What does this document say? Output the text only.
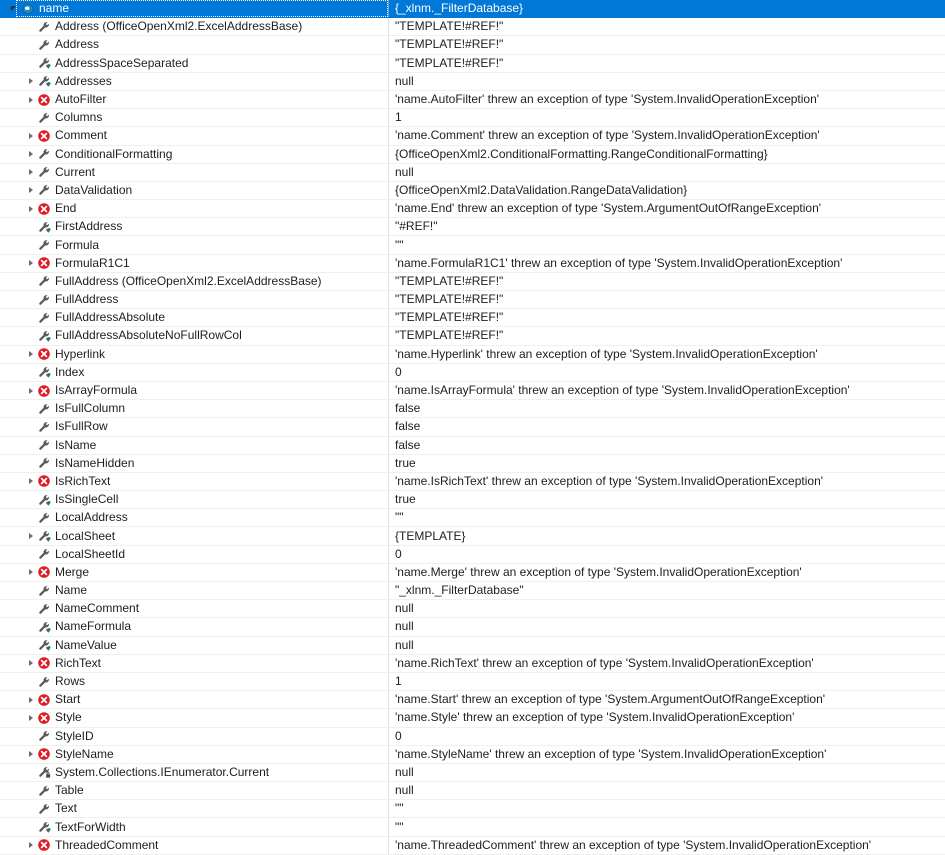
name	{_xlnm._FilterDatabase}

Address (OfficeOpenXml2.ExcelAddressBase)	"TEMPLATE!#REF!"

Address	"TEMPLATE!#REF!"

AddressSpaceSeparated	"TEMPLATE!#REF!"

Addresses	null

AutoFilter	'name.AutoFilter' threw an exception of type 'System.InvalidOperationException'

Columns	1

Comment	'name.Comment' threw an exception of type 'System.InvalidOperationException'

ConditionalFormatting	{OfficeOpenXml2.ConditionalFormatting.RangeConditionalFormatting}

Current	null

DataValidation	{OfficeOpenXml2.DataValidation.RangeDataValidation}

End	'name.End' threw an exception of type 'System.ArgumentOutOfRangeException'

FirstAddress	"#REF!"

Formula	""

FormulaR1C1	'name.FormulaR1C1' threw an exception of type 'System.InvalidOperationException'

FullAddress (OfficeOpenXml2.ExcelAddressBase)	"TEMPLATE!#REF!"

FullAddress	"TEMPLATE!#REF!"

FullAddressAbsolute	"TEMPLATE!#REF!"

FullAddressAbsoluteNoFullRowCol	"TEMPLATE!#REF!"

Hyperlink	'name.Hyperlink' threw an exception of type 'System.InvalidOperationException'

Index	0

IsArrayFormula	'name.IsArrayFormula' threw an exception of type 'System.InvalidOperationException'

IsFullColumn	false

IsFullRow	false

IsName	false

IsNameHidden	true

IsRichText	'name.IsRichText' threw an exception of type 'System.InvalidOperationException'

IsSingleCell	true

LocalAddress	""

LocalSheet	{TEMPLATE}

LocalSheetId	0

Merge	'name.Merge' threw an exception of type 'System.InvalidOperationException'

Name	"_xlnm._FilterDatabase"

NameComment	null

NameFormula	null

NameValue	null

RichText	'name.RichText' threw an exception of type 'System.InvalidOperationException'

Rows	1

Start	'name.Start' threw an exception of type 'System.ArgumentOutOfRangeException'

Style	'name.Style' threw an exception of type 'System.InvalidOperationException'

StyleID	0

StyleName	'name.StyleName' threw an exception of type 'System.InvalidOperationException'

System.Collections.IEnumerator.Current	null

Table	null

Text	""

TextForWidth	""

ThreadedComment	'name.ThreadedComment' threw an exception of type 'System.InvalidOperationException'
